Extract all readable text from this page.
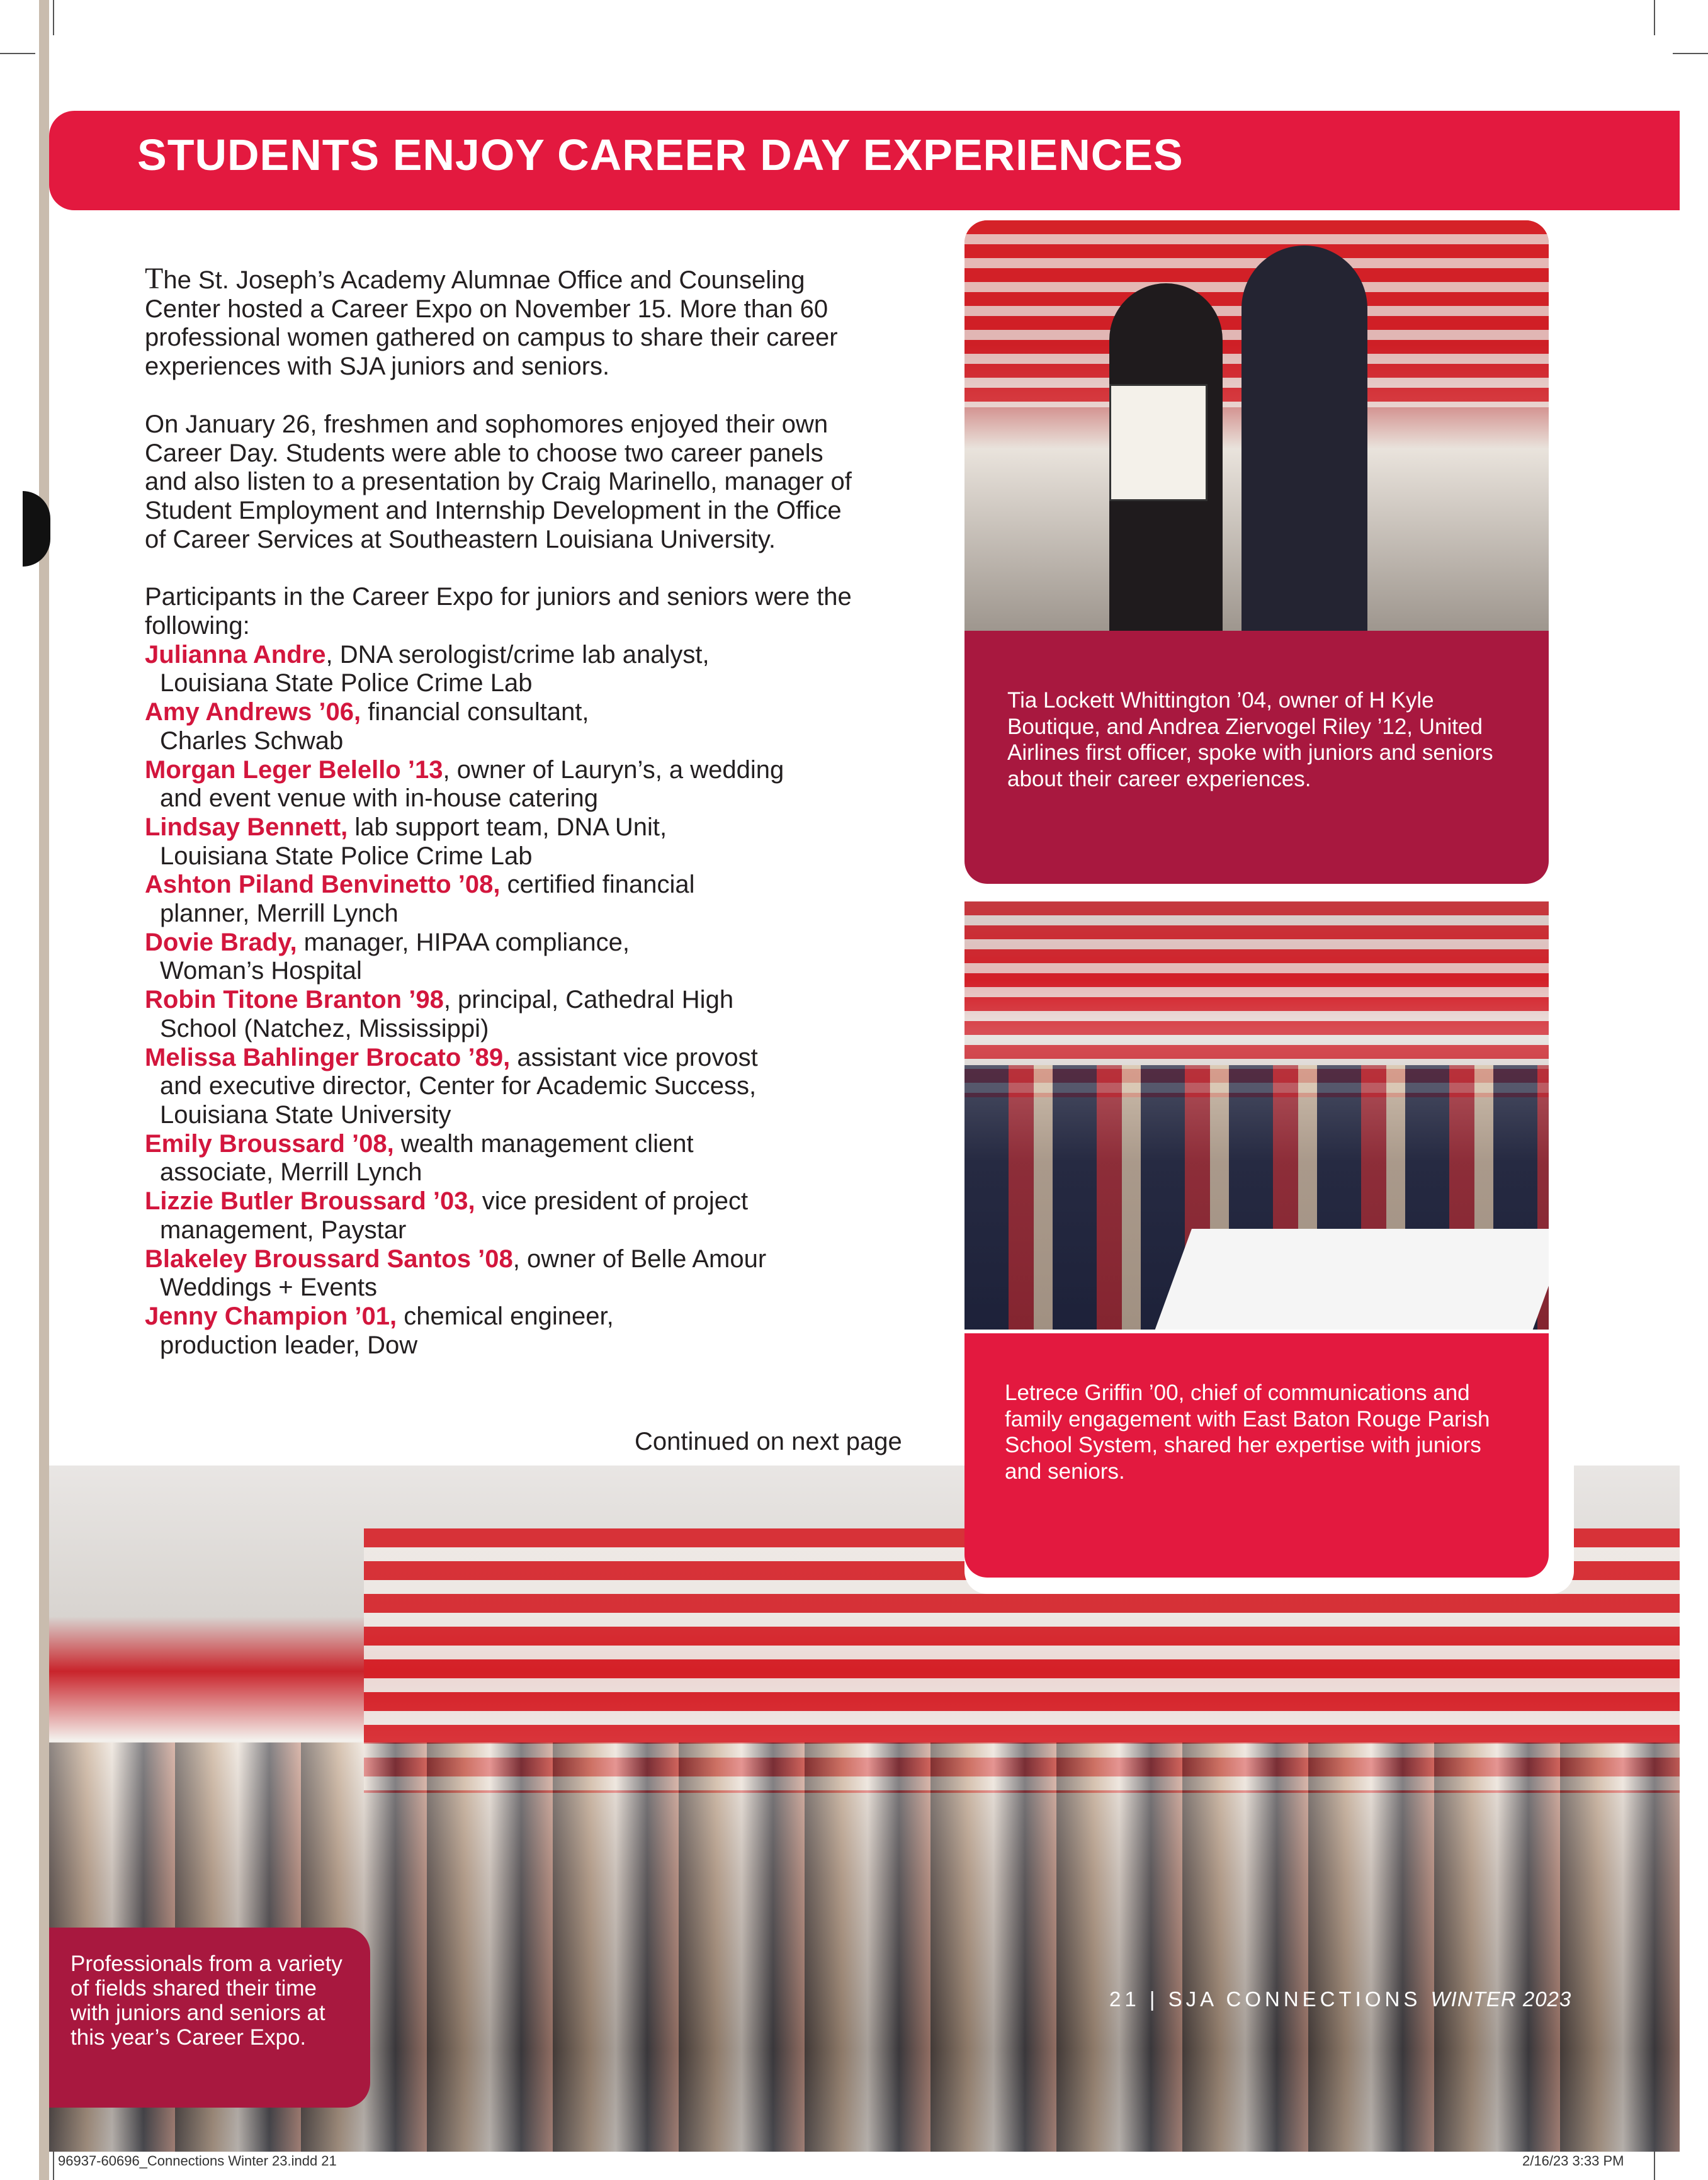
STUDENTS ENJOY CAREER DAY EXPERIENCES

The St. Joseph’s Academy Alumnae Office and Counseling Center hosted a Career Expo on November 15. More than 60 professional women gathered on campus to share their career experiences with SJA juniors and seniors.

On January 26, freshmen and sophomores enjoyed their own Career Day. Students were able to choose two career panels and also listen to a presentation by Craig Marinello, manager of Student Employment and Internship Development in the Office of Career Services at Southeastern Louisiana University.

Participants in the Career Expo for juniors and seniors were the following:

Julianna Andre, DNA serologist/crime lab analyst,
Louisiana State Police Crime Lab
Amy Andrews ’06, financial consultant,
Charles Schwab
Morgan Leger Belello ’13, owner of Lauryn’s, a wedding
and event venue with in-house catering
Lindsay Bennett, lab support team, DNA Unit,
Louisiana State Police Crime Lab
Ashton Piland Benvinetto ’08, certified financial
planner, Merrill Lynch
Dovie Brady, manager, HIPAA compliance,
Woman’s Hospital
Robin Titone Branton ’98, principal, Cathedral High
School (Natchez, Mississippi)
Melissa Bahlinger Brocato ’89, assistant vice provost
and executive director, Center for Academic Success, Louisiana State University
Emily Broussard ’08, wealth management client
associate, Merrill Lynch
Lizzie Butler Broussard ’03, vice president of project
management, Paystar
Blakeley Broussard Santos ’08, owner of Belle Amour
Weddings + Events
Jenny Champion ’01, chemical engineer,
production leader, Dow
Tia Lockett Whittington ’04, owner of H Kyle Boutique, and Andrea Ziervogel Riley ’12, United Airlines first officer, spoke with juniors and seniors about their career experiences.
Letrece Griffin ’00, chief of communications and family engagement with East Baton Rouge Parish School System, shared her expertise with juniors and seniors.
Continued on next page
Professionals from a variety of fields shared their time with juniors and seniors at this year’s Career Expo.
21 | SJA CONNECTIONS WINTER 2023
96937-60696_Connections Winter 23.indd 21	2/16/23 3:33 PM
